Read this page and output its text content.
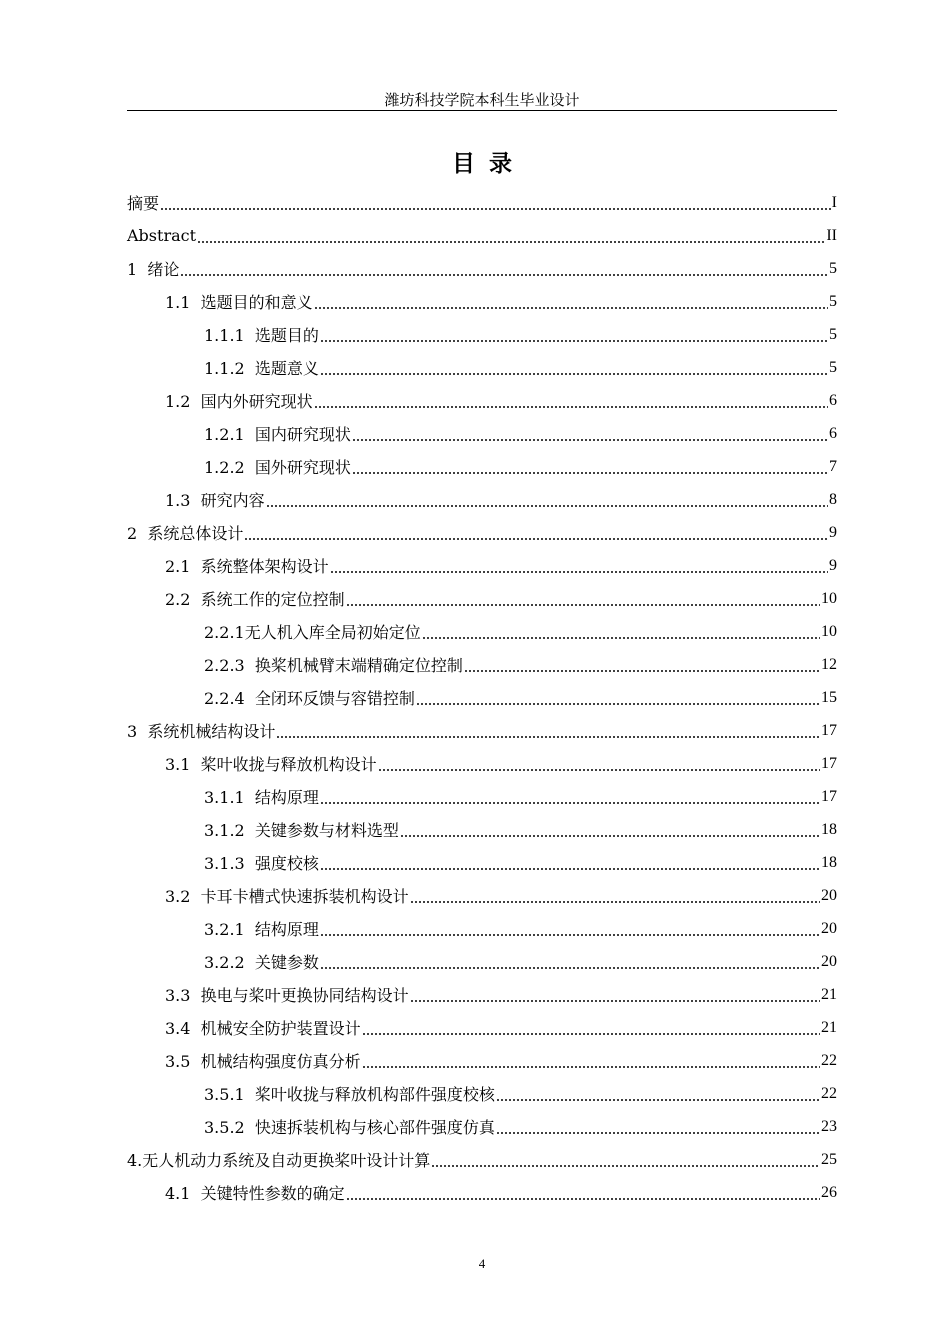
潍坊科技学院本科生毕业设计
目录
摘要	I
Abstract	II
1  绪论	5
1.1  选题目的和意义	5
1.1.1  选题目的	5
1.1.2  选题意义	5
1.2  国内外研究现状	6
1.2.1  国内研究现状	6
1.2.2  国外研究现状	7
1.3  研究内容	8
2  系统总体设计	9
2.1  系统整体架构设计	9
2.2  系统工作的定位控制	10
2.2.1无人机入库全局初始定位	10
2.2.3  换桨机械臂末端精确定位控制	12
2.2.4  全闭环反馈与容错控制	15
3  系统机械结构设计	17
3.1  桨叶收拢与释放机构设计	17
3.1.1  结构原理	17
3.1.2  关键参数与材料选型	18
3.1.3  强度校核	18
3.2  卡耳卡槽式快速拆装机构设计	20
3.2.1  结构原理	20
3.2.2  关键参数	20
3.3  换电与桨叶更换协同结构设计	21
3.4  机械安全防护装置设计	21
3.5  机械结构强度仿真分析	22
3.5.1  桨叶收拢与释放机构部件强度校核	22
3.5.2  快速拆装机构与核心部件强度仿真	23
4.无人机动力系统及自动更换桨叶设计计算	25
4.1  关键特性参数的确定	26
4
